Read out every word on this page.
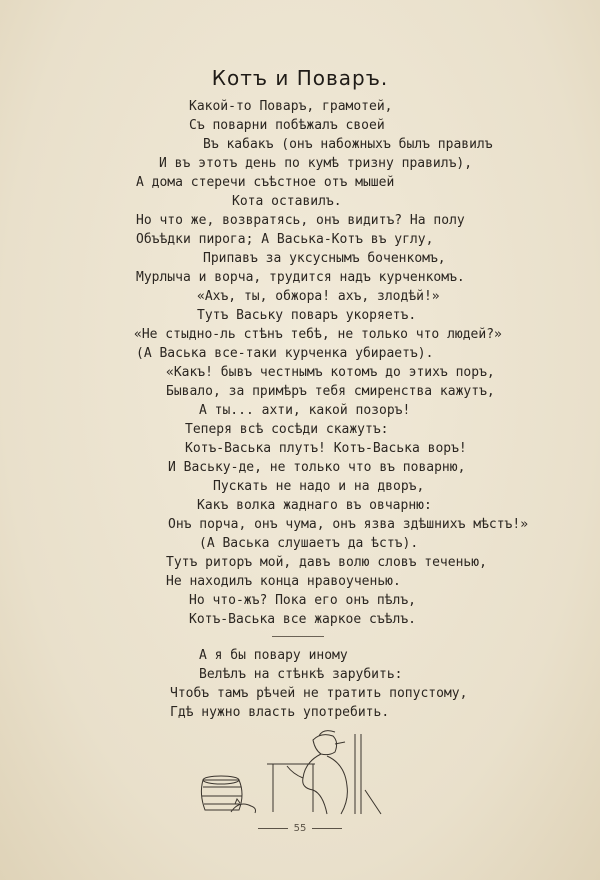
Котъ и Поваръ.
Какой-то Поваръ, грамотей,
Съ поварни побѣжалъ своей
Въ кабакъ (онъ набожныхъ былъ правилъ
И въ этотъ день по кумѣ тризну правилъ),
А дома стеречи съѣстное отъ мышей
Кота оставилъ.
Но что же, возвратясь, онъ видитъ? На полу
Объѣдки пирога; А Васька-Котъ въ углу,
Припавъ за уксуснымъ боченкомъ,
Мурлыча и ворча, трудится надъ курченкомъ.
«Ахъ, ты, обжора! ахъ, злодѣй!»
Тутъ Ваську поваръ укоряетъ.
«Не стыдно-ль стѣнъ тебѣ, не только что людей?»
(А Васька все-таки курченка убираетъ).
«Какъ! бывъ честнымъ котомъ до этихъ поръ,
Бывало, за примѣръ тебя смиренства кажутъ,
А ты... ахти, какой позоръ!
Теперя всѣ сосѣди скажутъ:
Котъ-Васька плутъ! Котъ-Васька воръ!
И Ваську-де, не только что въ поварню,
Пускать не надо и на дворъ,
Какъ волка жаднаго въ овчарню:
Онъ порча, онъ чума, онъ язва здѣшнихъ мѣстъ!»
(А Васька слушаетъ да ѣстъ).
Тутъ риторъ мой, давъ волю словъ теченью,
Не находилъ конца нравоученью.
Но что-жъ? Пока его онъ пѣлъ,
Котъ-Васька все жаркое съѣлъ.
А я бы повару иному
Велѣлъ на стѣнкѣ зарубить:
Чтобъ тамъ рѣчей не тратить попустому,
Гдѣ нужно власть употребить.
55
